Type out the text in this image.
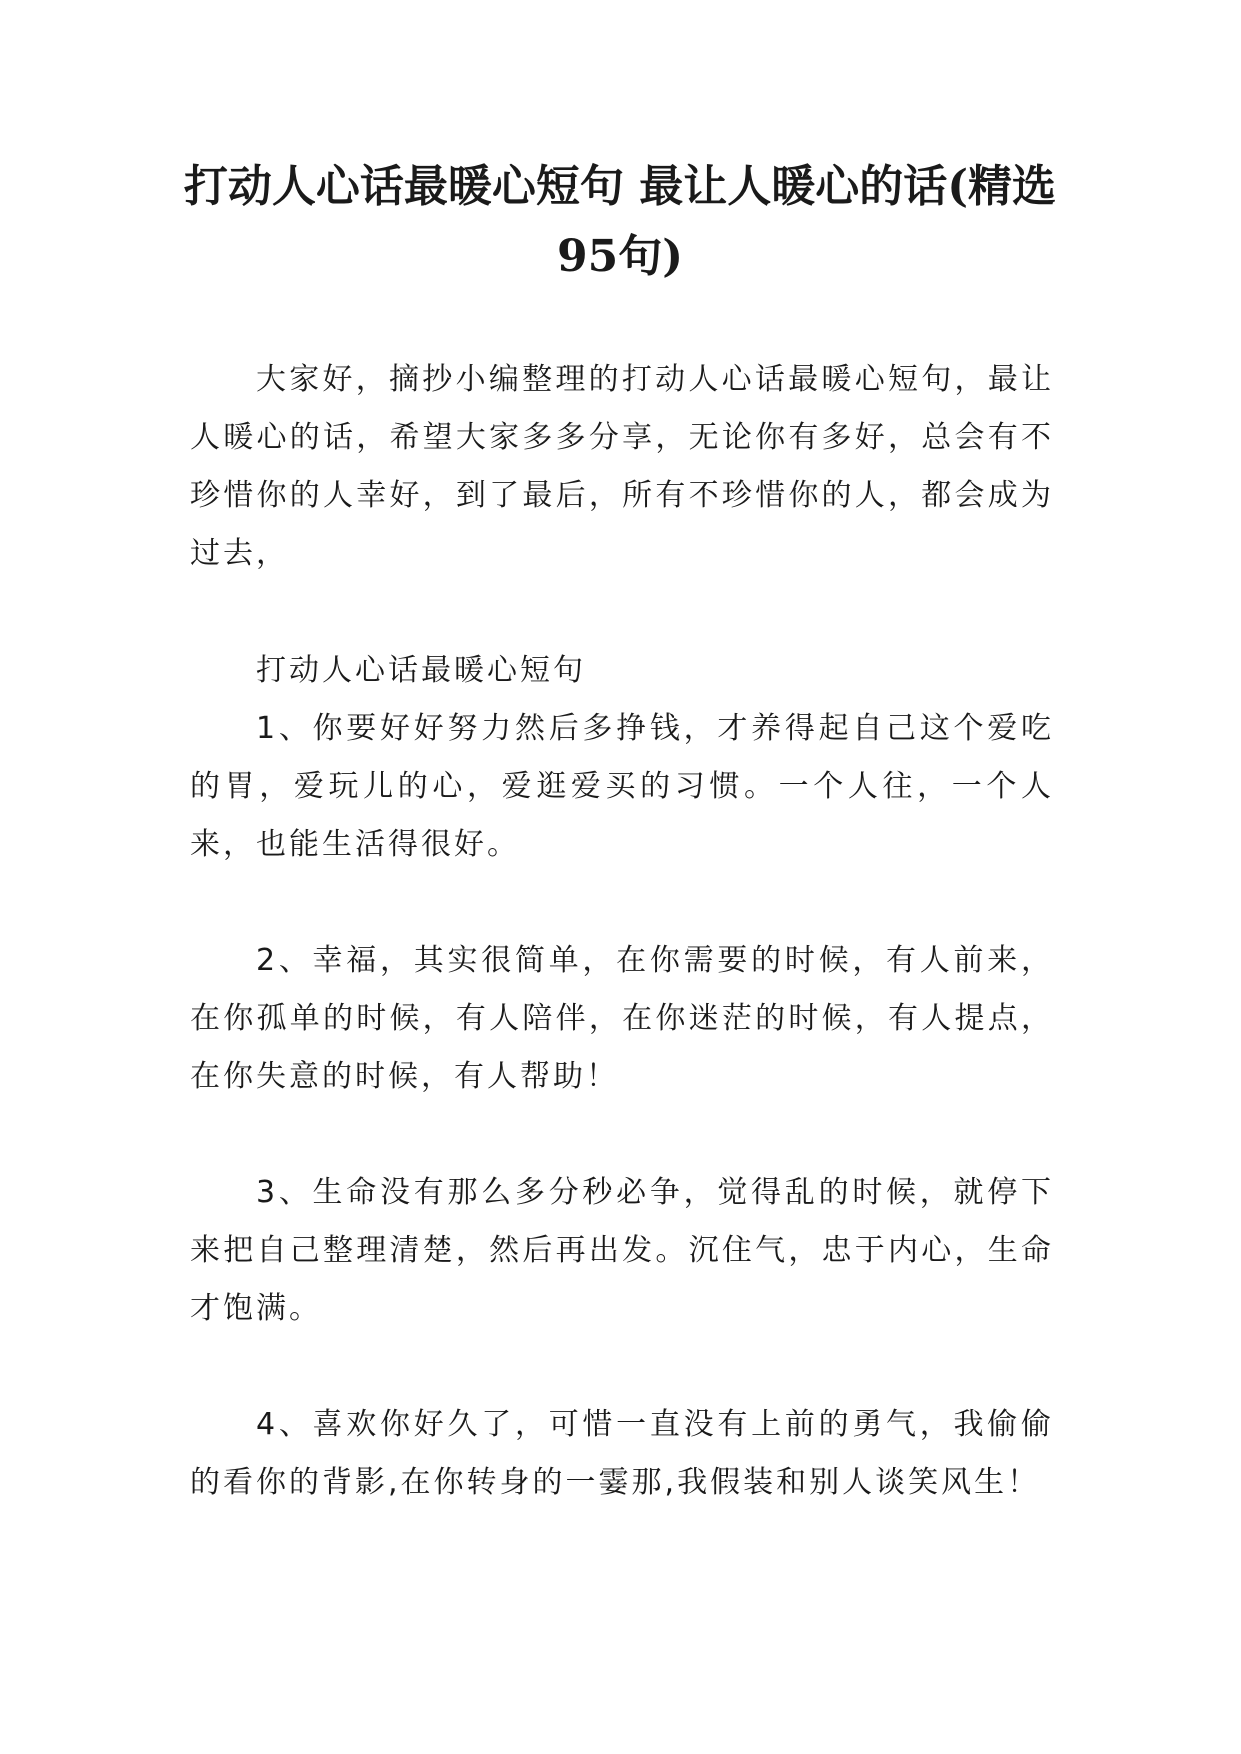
打动人心话最暖心短句 最让人暖心的话(精选95句)

大家好，摘抄小编整理的打动人心话最暖心短句，最让人暖心的话，希望大家多多分享，无论你有多好，总会有不珍惜你的人幸好，到了最后，所有不珍惜你的人，都会成为过去，

打动人心话最暖心短句

1、你要好好努力然后多挣钱，才养得起自己这个爱吃的胃，爱玩儿的心，爱逛爱买的习惯。一个人往，一个人来，也能生活得很好。

2、幸福，其实很简单，在你需要的时候，有人前来，在你孤单的时候，有人陪伴，在你迷茫的时候，有人提点，在你失意的时候，有人帮助！

3、生命没有那么多分秒必争，觉得乱的时候，就停下来把自己整理清楚，然后再出发。沉住气，忠于内心，生命才饱满。

4、喜欢你好久了，可惜一直没有上前的勇气，我偷偷的看你的背影,在你转身的一霎那,我假装和别人谈笑风生！
